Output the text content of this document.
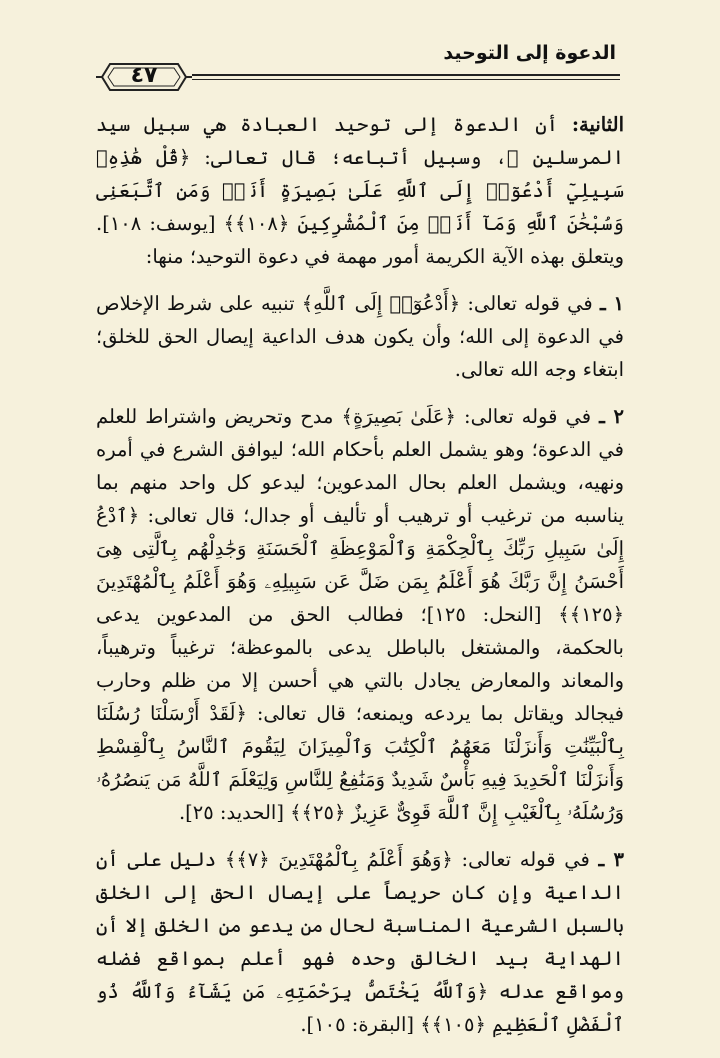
الدعوة إلى التوحيد
٤٧

الثانية: أن الدعوة إلى توحيد العبادة هي سبيل سيد المرسلين ﷺ، وسبيل أتباعه؛ قال تعالى: ﴿قُلْ هَٰذِهِۦ سَبِيلِيٓ أَدْعُوٓا۟ إِلَى ٱللَّهِ عَلَىٰ بَصِيرَةٍ أَنَا۠ وَمَنِ ٱتَّبَعَنِى وَسُبْحَٰنَ ٱللَّهِ وَمَآ أَنَا۠ مِنَ ٱلْمُشْرِكِينَ ﴿١٠٨﴾﴾ [يوسف: ١٠٨]. ويتعلق بهذه الآية الكريمة أمور مهمة في دعوة التوحيد؛ منها:

١ ـ في قوله تعالى: ﴿أَدْعُوٓا۟ إِلَى ٱللَّهِ﴾ تنبيه على شرط الإخلاص في الدعوة إلى الله؛ وأن يكون هدف الداعية إيصال الحق للخلق؛ ابتغاء وجه الله تعالى.

٢ ـ في قوله تعالى: ﴿عَلَىٰ بَصِيرَةٍ﴾ مدح وتحريض واشتراط للعلم في الدعوة؛ وهو يشمل العلم بأحكام الله؛ ليوافق الشرع في أمره ونهيه، ويشمل العلم بحال المدعوين؛ ليدعو كل واحد منهم بما يناسبه من ترغيب أو ترهيب أو تأليف أو جدال؛ قال تعالى: ﴿ٱدْعُ إِلَىٰ سَبِيلِ رَبِّكَ بِٱلْحِكْمَةِ وَٱلْمَوْعِظَةِ ٱلْحَسَنَةِ وَجَٰدِلْهُم بِٱلَّتِى هِىَ أَحْسَنُ إِنَّ رَبَّكَ هُوَ أَعْلَمُ بِمَن ضَلَّ عَن سَبِيلِهِۦ وَهُوَ أَعْلَمُ بِٱلْمُهْتَدِينَ ﴿١٢٥﴾﴾ [النحل: ١٢٥]؛ فطالب الحق من المدعوين يدعى بالحكمة، والمشتغل بالباطل يدعى بالموعظة؛ ترغيباً وترهيباً، والمعاند والمعارض يجادل بالتي هي أحسن إلا من ظلم وحارب فيجالد ويقاتل بما يردعه ويمنعه؛ قال تعالى: ﴿لَقَدْ أَرْسَلْنَا رُسُلَنَا بِٱلْبَيِّنَٰتِ وَأَنزَلْنَا مَعَهُمُ ٱلْكِتَٰبَ وَٱلْمِيزَانَ لِيَقُومَ ٱلنَّاسُ بِٱلْقِسْطِ وَأَنزَلْنَا ٱلْحَدِيدَ فِيهِ بَأْسٌ شَدِيدٌ وَمَنَٰفِعُ لِلنَّاسِ وَلِيَعْلَمَ ٱللَّهُ مَن يَنصُرُهُۥ وَرُسُلَهُۥ بِٱلْغَيْبِ إِنَّ ٱللَّهَ قَوِىٌّ عَزِيزٌ ﴿٢٥﴾﴾ [الحديد: ٢٥].

٣ ـ في قوله تعالى: ﴿وَهُوَ أَعْلَمُ بِٱلْمُهْتَدِينَ ﴿٧﴾﴾ دليل على أن الداعية وإن كان حريصاً على إيصال الحق إلى الخلق بالسبل الشرعية المناسبة لحال من يدعو من الخلق إلا أن الهداية بيد الخالق وحده فهو أعلم بمواقع فضله ومواقع عدله ﴿وَٱللَّهُ يَخْتَصُّ بِرَحْمَتِهِۦ مَن يَشَآءُ وَٱللَّهُ ذُو ٱلْفَضْلِ ٱلْعَظِيمِ ﴿١٠٥﴾﴾ [البقرة: ١٠٥].
